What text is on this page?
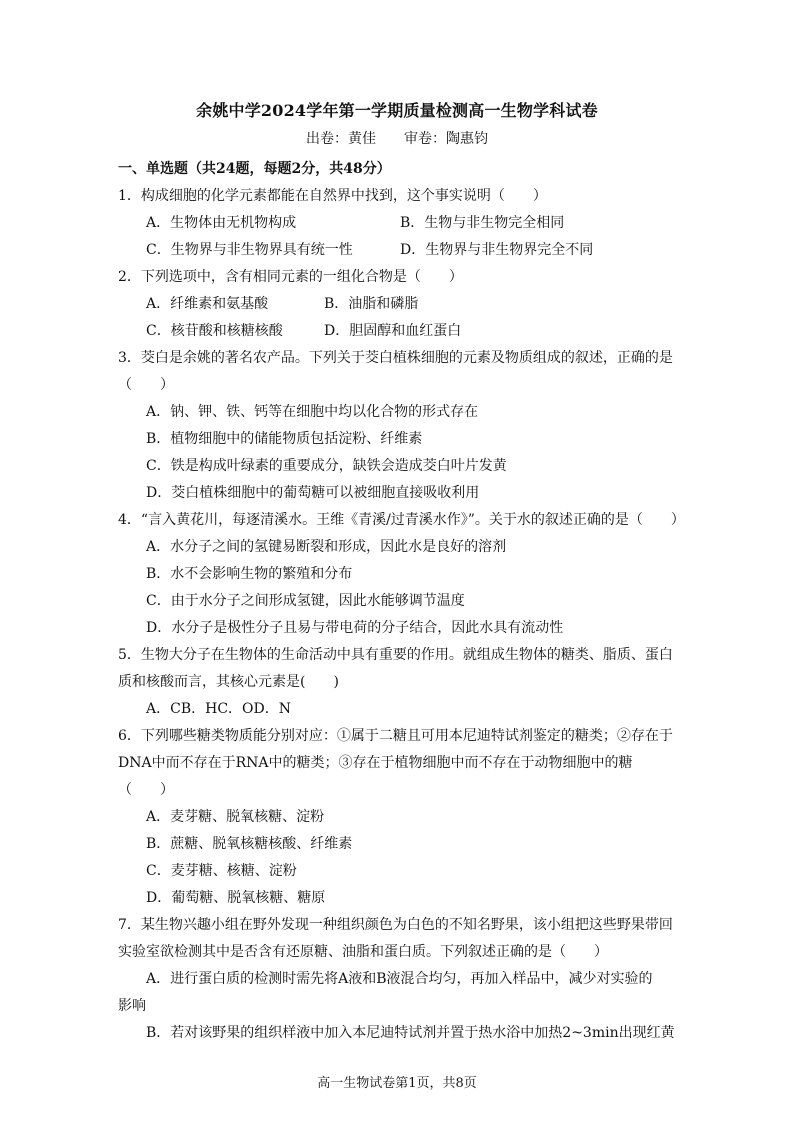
余姚中学2024学年第一学期质量检测高一生物学科试卷
出卷：黄佳 审卷：陶惠钧

一、单选题（共24题，每题2分，共48分）

1．构成细胞的化学元素都能在自然界中找到，这个事实说明（　　）

A．生物体由无机物构成	B．生物与非生物完全相同
C．生物界与非生物界具有统一性	D．生物界与非生物界完全不同

2．下列选项中，含有相同元素的一组化合物是（　　）

A．纤维素和氨基酸	B．油脂和磷脂
C．核苷酸和核糖核酸	D．胆固醇和血红蛋白

3．茭白是余姚的著名农产品。下列关于茭白植株细胞的元素及物质组成的叙述，正确的是

（　　）

A．钠、钾、铁、钙等在细胞中均以化合物的形式存在

B．植物细胞中的储能物质包括淀粉、纤维素

C．铁是构成叶绿素的重要成分，缺铁会造成茭白叶片发黄

D．茭白植株细胞中的葡萄糖可以被细胞直接吸收利用

4．“言入黄花川，每逐清溪水。王维《青溪/过青溪水作》”。关于水的叙述正确的是（　　）

A．水分子之间的氢键易断裂和形成，因此水是良好的溶剂

B．水不会影响生物的繁殖和分布

C．由于水分子之间形成氢键，因此水能够调节温度

D．水分子是极性分子且易与带电荷的分子结合，因此水具有流动性

5．生物大分子在生物体的生命活动中具有重要的作用。就组成生物体的糖类、脂质、蛋白

质和核酸而言，其核心元素是(　　)

A．C B．H C．O D．N

6．下列哪些糖类物质能分别对应：①属于二糖且可用本尼迪特试剂鉴定的糖类；②存在于

DNA中而不存在于RNA中的糖类；③存在于植物细胞中而不存在于动物细胞中的糖（　　）

A．麦芽糖、脱氧核糖、淀粉

B．蔗糖、脱氧核糖核酸、纤维素

C．麦芽糖、核糖、淀粉

D．葡萄糖、脱氧核糖、糖原

7．某生物兴趣小组在野外发现一种组织颜色为白色的不知名野果，该小组把这些野果带回

实验室欲检测其中是否含有还原糖、油脂和蛋白质。下列叙述正确的是（　　）

A．进行蛋白质的检测时需先将A液和B液混合均匀，再加入样品中，减少对实验的

影响

B．若对该野果的组织样液中加入本尼迪特试剂并置于热水浴中加热2~3min出现红黄

高一生物试卷第1页，共8页
